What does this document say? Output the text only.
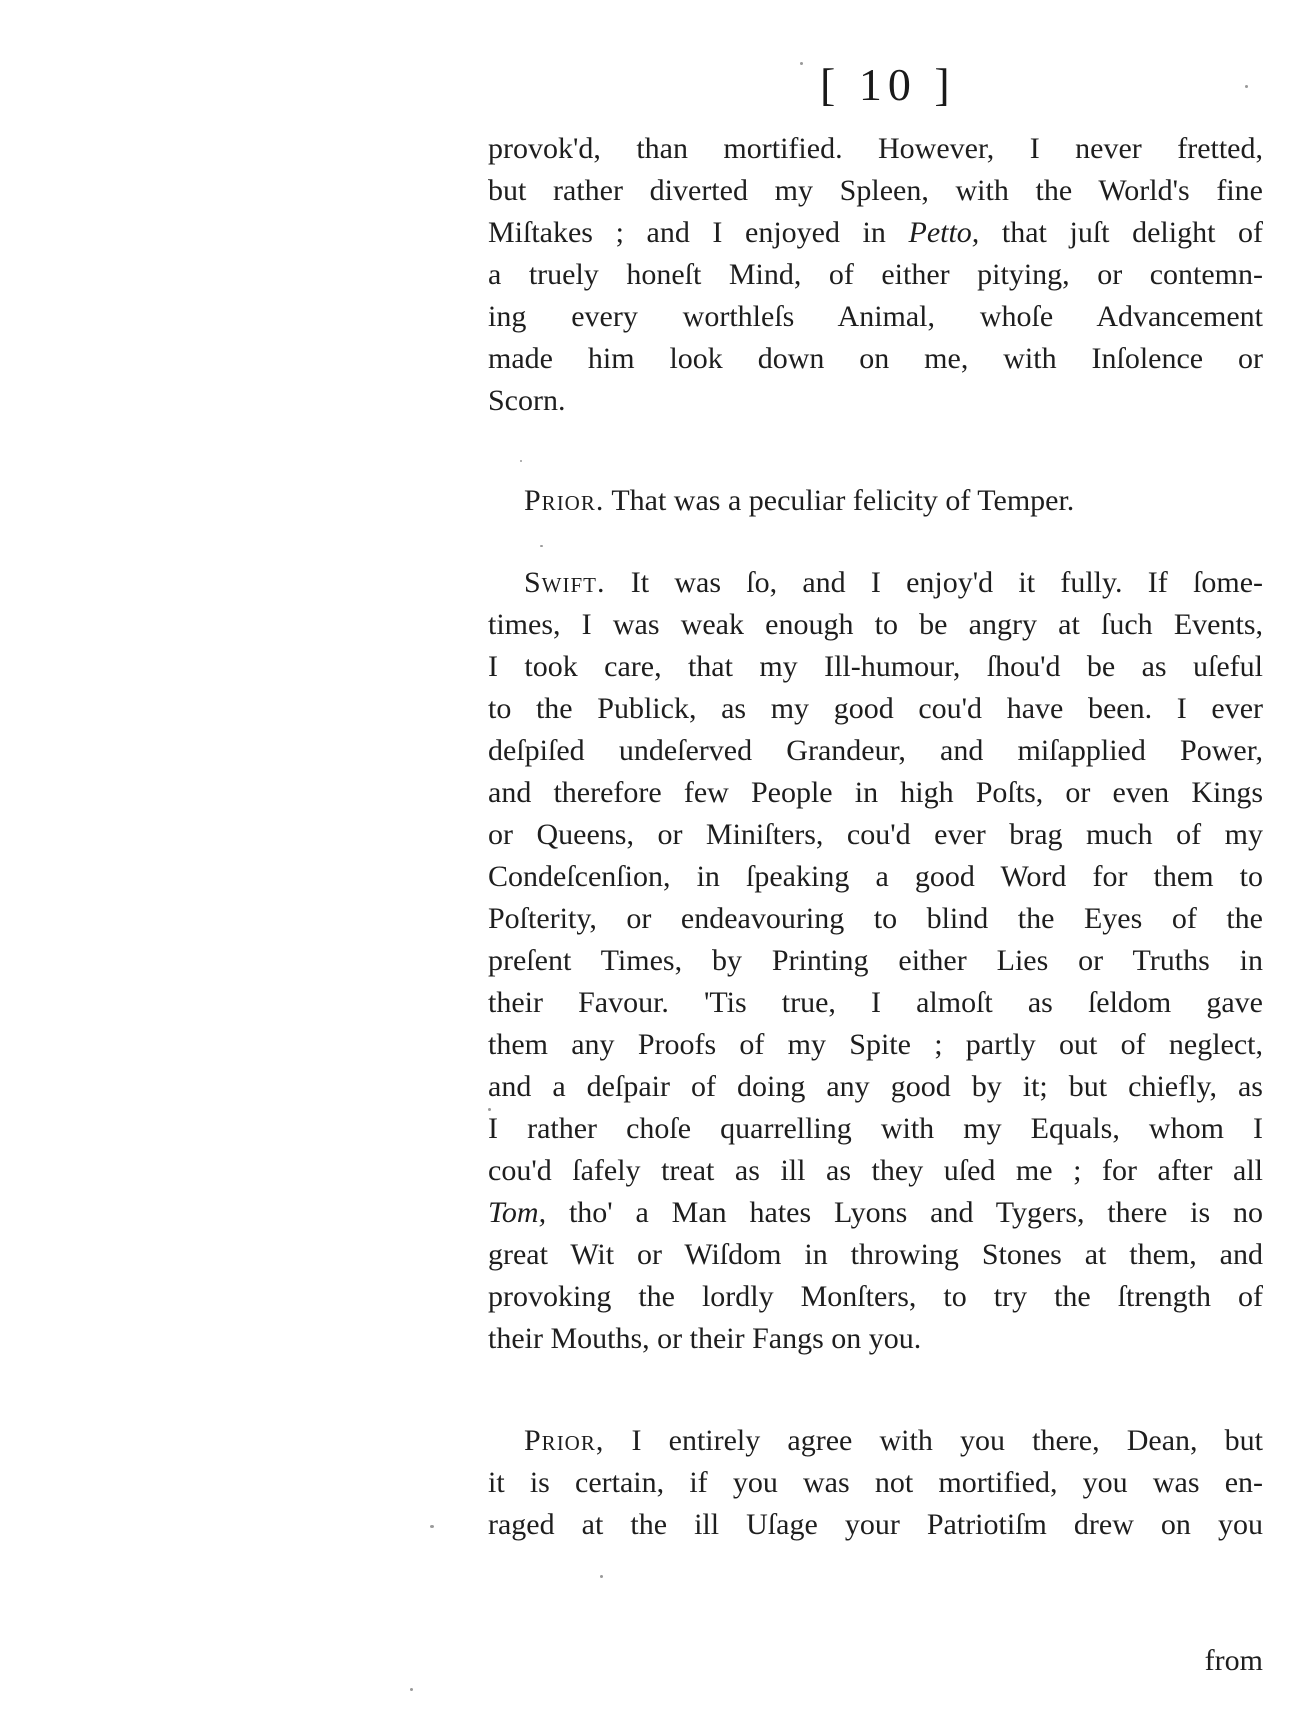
[ 10 ]
provok'd, than mortified. However, I never fretted,
but rather diverted my Spleen, with the World's fine
Miſtakes ; and I enjoyed in Petto, that juſt delight of
a truely honeſt Mind, of either pitying, or contemn-
ing every worthleſs Animal, whoſe Advancement
made him look down on me, with Inſolence or
Scorn.
Prior. That was a peculiar felicity of Temper.
Swift. It was ſo, and I enjoy'd it fully. If ſome-
times, I was weak enough to be angry at ſuch Events,
I took care, that my Ill-humour, ſhou'd be as uſeful
to the Publick, as my good cou'd have been. I ever
deſpiſed undeſerved Grandeur, and miſapplied Power,
and therefore few People in high Poſts, or even Kings
or Queens, or Miniſters, cou'd ever brag much of my
Condeſcenſion, in ſpeaking a good Word for them to
Poſterity, or endeavouring to blind the Eyes of the
preſent Times, by Printing either Lies or Truths in
their Favour. 'Tis true, I almoſt as ſeldom gave
them any Proofs of my Spite ; partly out of neglect,
and a deſpair of doing any good by it; but chiefly, as
I rather choſe quarrelling with my Equals, whom I
cou'd ſafely treat as ill as they uſed me ; for after all
Tom, tho' a Man hates Lyons and Tygers, there is no
great Wit or Wiſdom in throwing Stones at them, and
provoking the lordly Monſters, to try the ſtrength of
their Mouths, or their Fangs on you.
Prior, I entirely agree with you there, Dean, but
it is certain, if you was not mortified, you was en-
raged at the ill Uſage your Patriotiſm drew on you
from
